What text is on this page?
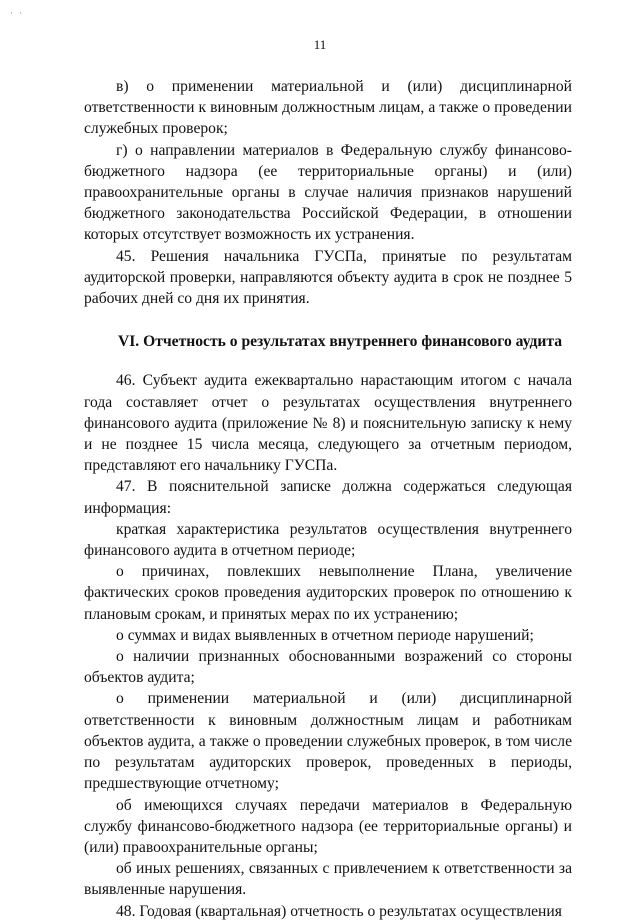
· ·
11

в) о применении материальной и (или) дисциплинарной ответственности к виновным должностным лицам, а также о проведении служебных проверок;

г) о направлении материалов в Федеральную службу финансово-бюджетного надзора (ее территориальные органы) и (или) правоохранительные органы в случае наличия признаков нарушений бюджетного законодательства Российской Федерации, в отношении которых отсутствует возможность их устранения.

45. Решения начальника ГУСПа, принятые по результатам аудиторской проверки, направляются объекту аудита в срок не позднее 5 рабочих дней со дня их принятия.

VI. Отчетность о результатах внутреннего финансового аудита

46. Субъект аудита ежеквартально нарастающим итогом с начала года составляет отчет о результатах осуществления внутреннего финансового аудита (приложение № 8) и пояснительную записку к нему и не позднее 15 числа месяца, следующего за отчетным периодом, представляют его начальнику ГУСПа.

47. В пояснительной записке должна содержаться следующая информация:

краткая характеристика результатов осуществления внутреннего финансового аудита в отчетном периоде;

о причинах, повлекших невыполнение Плана, увеличение фактических сроков проведения аудиторских проверок по отношению к плановым срокам, и принятых мерах по их устранению;

о суммах и видах выявленных в отчетном периоде нарушений;

о наличии признанных обоснованными возражений со стороны объектов аудита;

о применении материальной и (или) дисциплинарной ответственности к виновным должностным лицам и работникам объектов аудита, а также о проведении служебных проверок, в том числе по результатам аудиторских проверок, проведенных в периоды, предшествующие отчетному;

об имеющихся случаях передачи материалов в Федеральную службу финансово-бюджетного надзора (ее территориальные органы) и (или) правоохранительные органы;

об иных решениях, связанных с привлечением к ответственности за выявленные нарушения.

48. Годовая (квартальная) отчетность о результатах осуществления
